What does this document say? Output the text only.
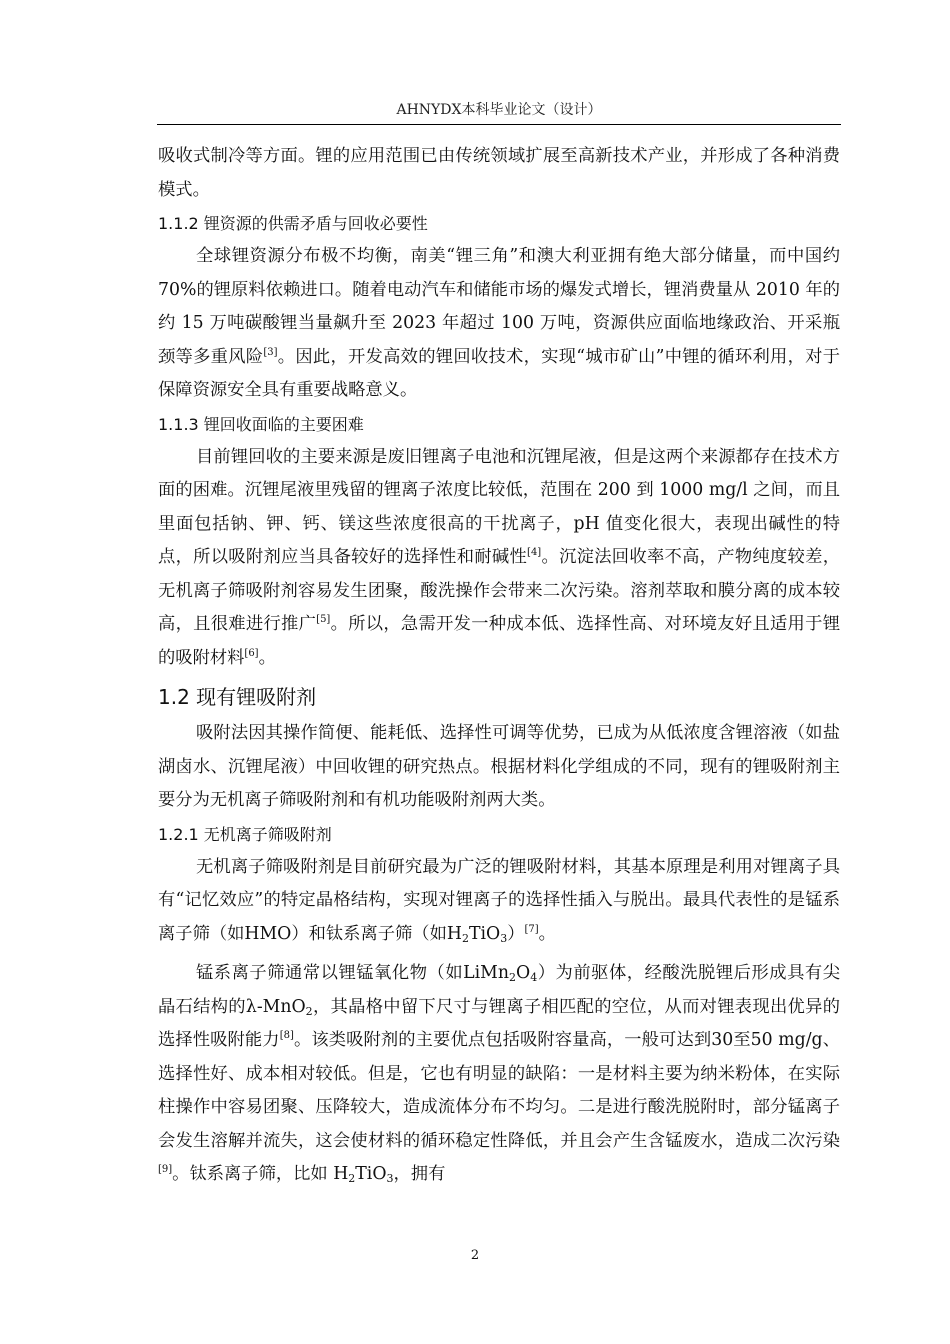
AHNYDX本科毕业论文（设计）

吸收式制冷等方面。锂的应用范围已由传统领域扩展至高新技术产业，并形成了各种消费模式。

1.1.2 锂资源的供需矛盾与回收必要性

全球锂资源分布极不均衡，南美“锂三角”和澳大利亚拥有绝大部分储量，而中国约 70%的锂原料依赖进口。随着电动汽车和储能市场的爆发式增长，锂消费量从 2010 年的约 15 万吨碳酸锂当量飙升至 2023 年超过 100 万吨，资源供应面临地缘政治、开采瓶颈等多重风险[3]。因此，开发高效的锂回收技术，实现“城市矿山”中锂的循环利用，对于保障资源安全具有重要战略意义。

1.1.3 锂回收面临的主要困难

目前锂回收的主要来源是废旧锂离子电池和沉锂尾液，但是这两个来源都存在技术方面的困难。沉锂尾液里残留的锂离子浓度比较低，范围在 200 到 1000 mg/l 之间，而且里面包括钠、钾、钙、镁这些浓度很高的干扰离子，pH 值变化很大，表现出碱性的特点，所以吸附剂应当具备较好的选择性和耐碱性[4]。沉淀法回收率不高，产物纯度较差，无机离子筛吸附剂容易发生团聚，酸洗操作会带来二次污染。溶剂萃取和膜分离的成本较高，且很难进行推广[5]。所以，急需开发一种成本低、选择性高、对环境友好且适用于锂的吸附材料[6]。

1.2 现有锂吸附剂

吸附法因其操作简便、能耗低、选择性可调等优势，已成为从低浓度含锂溶液（如盐湖卤水、沉锂尾液）中回收锂的研究热点。根据材料化学组成的不同，现有的锂吸附剂主要分为无机离子筛吸附剂和有机功能吸附剂两大类。

1.2.1 无机离子筛吸附剂

无机离子筛吸附剂是目前研究最为广泛的锂吸附材料，其基本原理是利用对锂离子具有“记忆效应”的特定晶格结构，实现对锂离子的选择性插入与脱出。最具代表性的是锰系离子筛（如HMO）和钛系离子筛（如$H_2TiO_3)[7]$。

锰系离子筛通常以锂锰氧化物（如$LiMn_2O_4$）为前驱体，经酸洗脱锂后形成具有尖晶石结构的λ-MnO$_2$，其晶格中留下尺寸与锂离子相匹配的空位，从而对锂表现出优异的选择性吸附能力[8]。该类吸附剂的主要优点包括吸附容量高，一般可达到30至50 mg/g、选择性好、成本相对较低。但是，它也有明显的缺陷：一是材料主要为纳米粉体，在实际柱操作中容易团聚、压降较大，造成流体分布不均匀。二是进行酸洗脱附时，部分锰离子会发生溶解并流失，这会使材料的循环稳定性降低，并且会产生含锰废水，造成二次污染[9]。钛系离子筛，比如 $H_2TiO_3$，拥有

2
